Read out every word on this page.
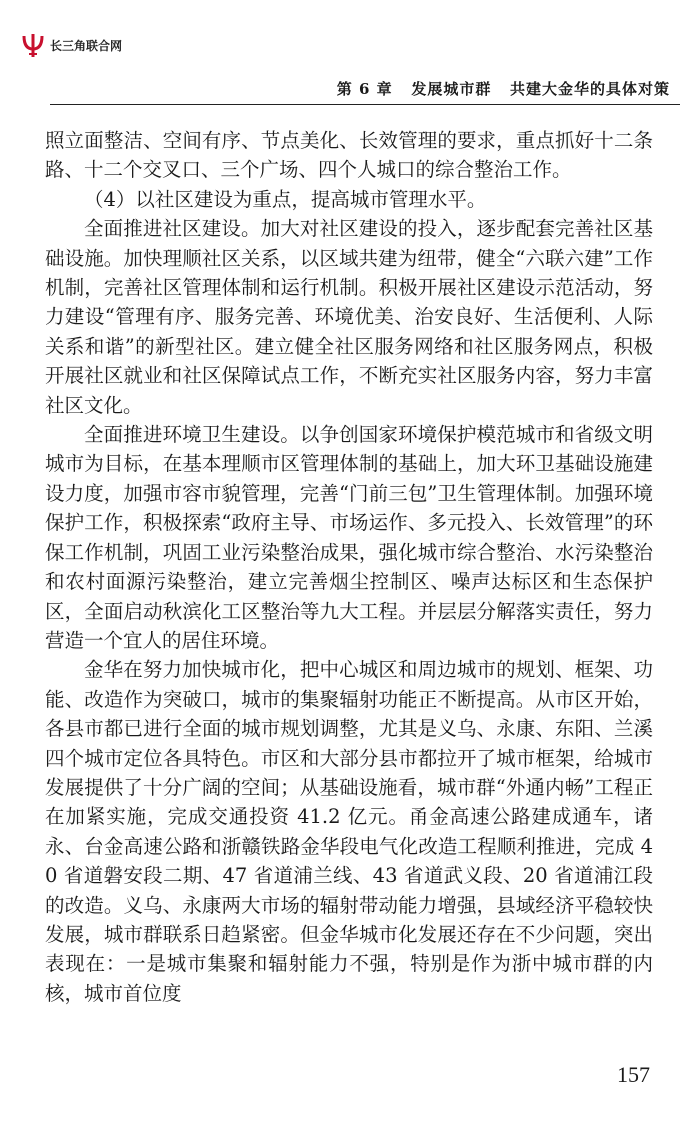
长三角联合网
第 6 章   发展城市群   共建大金华的具体对策

照立面整洁、空间有序、节点美化、长效管理的要求，重点抓好十二条路、十二个交叉口、三个广场、四个人城口的综合整治工作。

（4）以社区建设为重点，提高城市管理水平。

全面推进社区建设。加大对社区建设的投入，逐步配套完善社区基础设施。加快理顺社区关系，以区域共建为纽带，健全“六联六建”工作机制，完善社区管理体制和运行机制。积极开展社区建设示范活动，努力建设“管理有序、服务完善、环境优美、治安良好、生活便利、人际关系和谐”的新型社区。建立健全社区服务网络和社区服务网点，积极开展社区就业和社区保障试点工作，不断充实社区服务内容，努力丰富社区文化。

全面推进环境卫生建设。以争创国家环境保护模范城市和省级文明城市为目标，在基本理顺市区管理体制的基础上，加大环卫基础设施建设力度，加强市容市貌管理，完善“门前三包”卫生管理体制。加强环境保护工作，积极探索“政府主导、市场运作、多元投入、长效管理”的环保工作机制，巩固工业污染整治成果，强化城市综合整治、水污染整治和农村面源污染整治，建立完善烟尘控制区、噪声达标区和生态保护区，全面启动秋滨化工区整治等九大工程。并层层分解落实责任，努力营造一个宜人的居住环境。

金华在努力加快城市化，把中心城区和周边城市的规划、框架、功能、改造作为突破口，城市的集聚辐射功能正不断提高。从市区开始，各县市都已进行全面的城市规划调整，尤其是义乌、永康、东阳、兰溪四个城市定位各具特色。市区和大部分县市都拉开了城市框架，给城市发展提供了十分广阔的空间；从基础设施看，城市群“外通内畅”工程正在加紧实施，完成交通投资 41.2 亿元。甬金高速公路建成通车，诸永、台金高速公路和浙赣铁路金华段电气化改造工程顺利推进，完成 40 省道磐安段二期、47 省道浦兰线、43 省道武义段、20 省道浦江段的改造。义乌、永康两大市场的辐射带动能力增强，县域经济平稳较快发展，城市群联系日趋紧密。但金华城市化发展还存在不少问题，突出表现在：一是城市集聚和辐射能力不强，特别是作为浙中城市群的内核，城市首位度

157
